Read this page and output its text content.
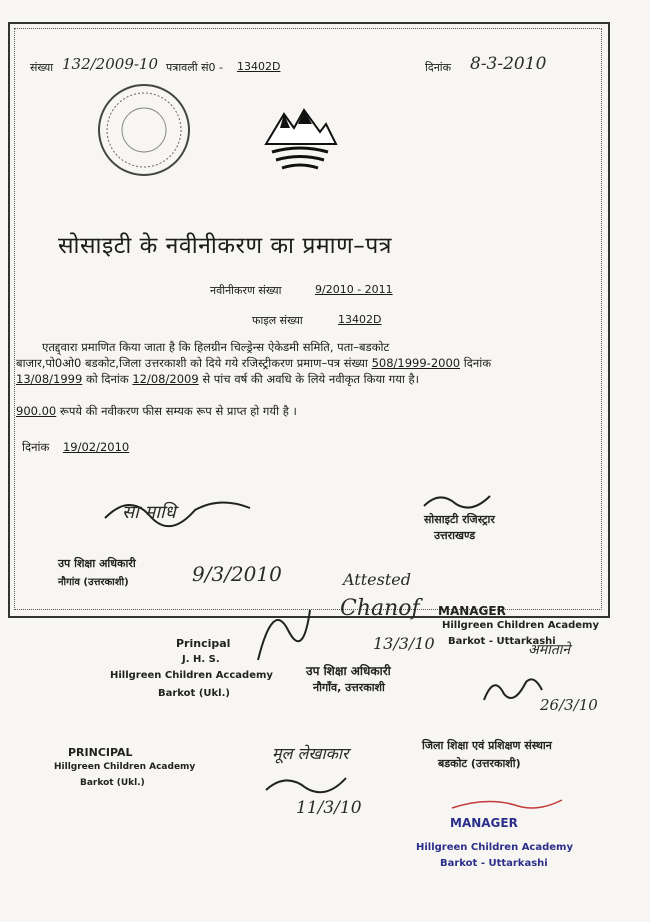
संख्या 132/2009-10 पत्रावली सं0 - 13402D	दिनांक 8-3-2010
सोसाइटी के नवीनीकरण का प्रमाण–पत्र
नवीनीकरण संख्या	9/2010 - 2011
फाइल संख्या	13402D
एतद्द्वारा प्रमाणित किया जाता है कि हिलग्रीन चिल्ड्रेन्स ऐकेडमी समिति, पता–बडकोट
बाजार,पो0ओ0 बडकोट,जिला उत्तरकाशी को दिये गये रजिस्ट्रीकरण प्रमाण–पत्र संख्या 508/1999-2000 दिनांक
13/08/1999 को दिनांक 12/08/2009 से पांच वर्ष की अवधि के लिये नवीकृत किया गया है।
900.00 रूपये की नवीकरण फीस सम्यक रूप से प्राप्त हो गयी है ।
दिनांक 19/02/2010
सा माधि	सोसाइटी रजिस्ट्रार
उत्तराखण्ड
उप शिक्षा अधिकारी
नौगांव (उत्तरकाशी)	9/3/2010	Attested
Chanof
13/3/10
MANAGER
Hillgreen Children Academy
Barkot - Uttarkashi
Principal
J. H. S.
Hillgreen Children Accademy
Barkot (Ukl.)
उप शिक्षा अधिकारी
नौगाँव, उत्तरकाशी
अमाताने
26/3/10
जिला शिक्षा एवं प्रशिक्षण संस्थान
बडकोट (उत्तरकाशी)
PRINCIPAL
Hillgreen Children Academy
Barkot (Ukl.)
मूल लेखाकार
11/3/10
MANAGER
Hillgreen Children Academy
Barkot - Uttarkashi
